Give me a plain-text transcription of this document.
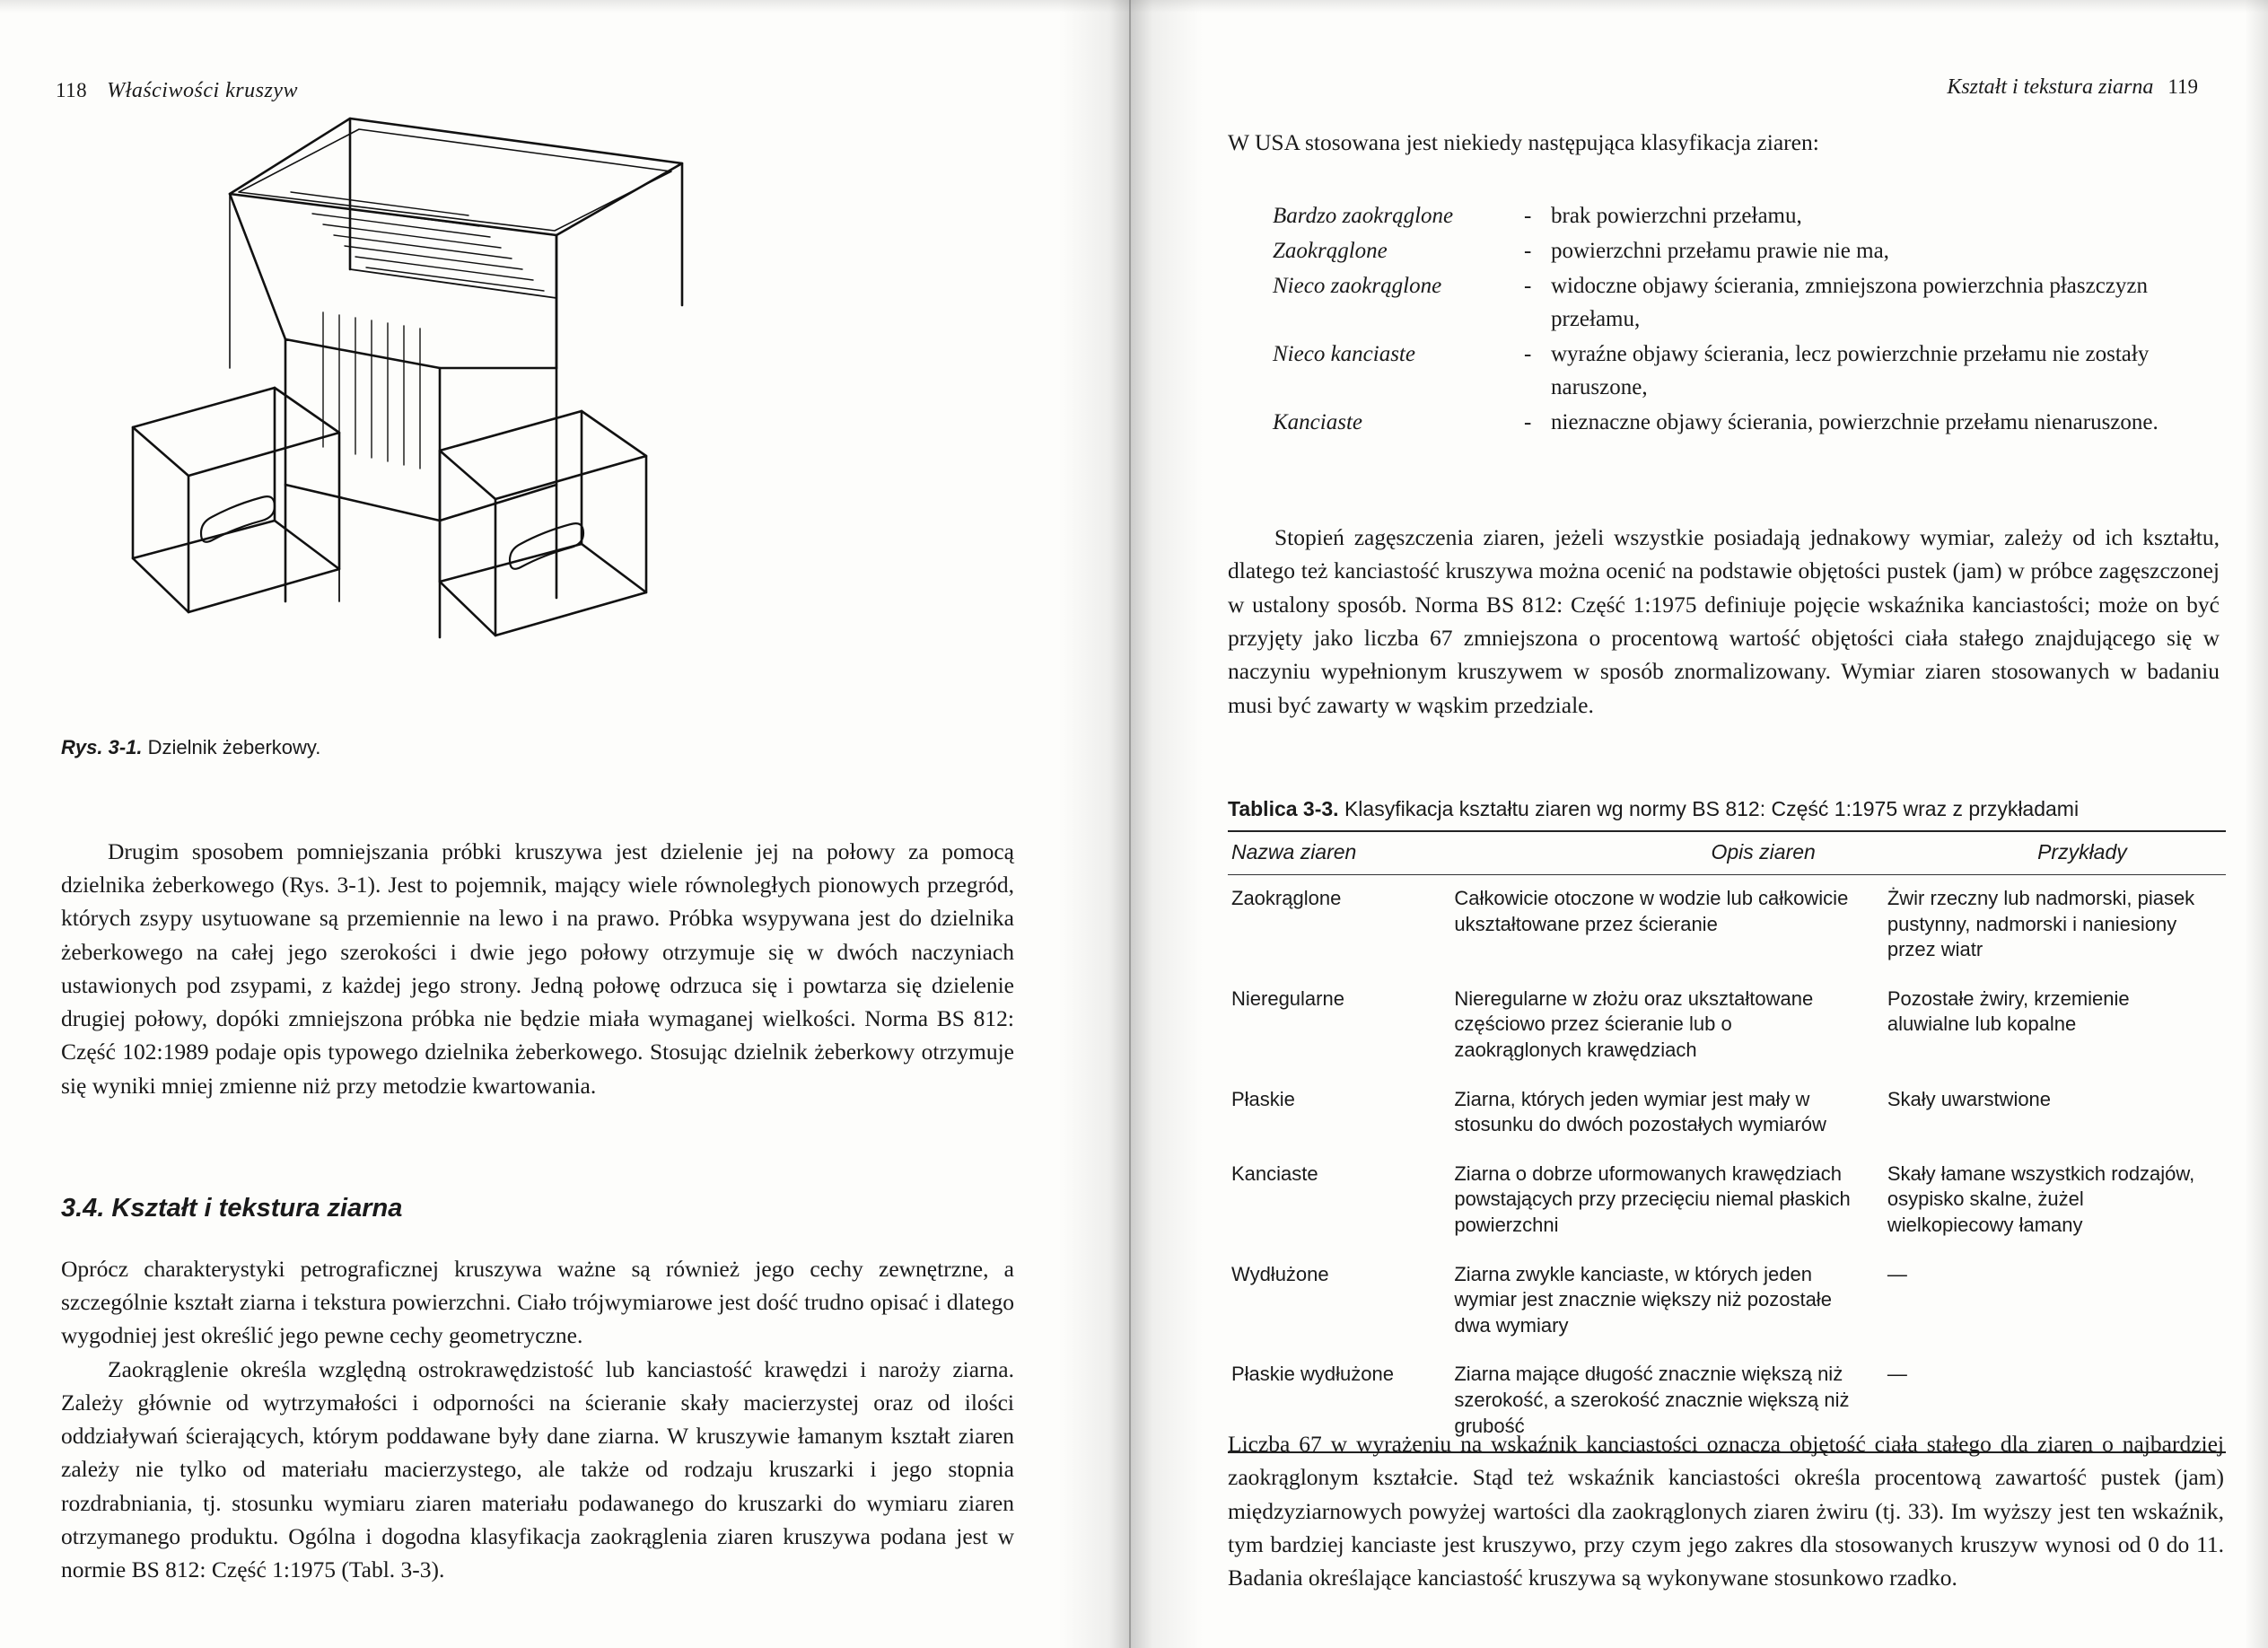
118 Właściwości kruszyw
Rys. 3-1. Dzielnik żeberkowy.

Drugim sposobem pomniejszania próbki kruszywa jest dzielenie jej na połowy za pomocą dzielnika żeberkowego (Rys. 3-1). Jest to pojemnik, mający wiele równoległych pionowych przegród, których zsypy usytuowane są przemiennie na lewo i na prawo. Próbka wsypywana jest do dzielnika żeberkowego na całej jego szerokości i dwie jego połowy otrzymuje się w dwóch naczyniach ustawionych pod zsypami, z każdej jego strony. Jedną połowę odrzuca się i powtarza się dzielenie drugiej połowy, dopóki zmniejszona próbka nie będzie miała wymaganej wielkości. Norma BS 812: Część 102:1989 podaje opis typowego dzielnika żeberkowego. Stosując dzielnik żeberkowy otrzymuje się wyniki mniej zmienne niż przy metodzie kwartowania.

3.4. Kształt i tekstura ziarna

Oprócz charakterystyki petrograficznej kruszywa ważne są również jego cechy zewnętrzne, a szczególnie kształt ziarna i tekstura powierzchni. Ciało trójwymiarowe jest dość trudno opisać i dlatego wygodniej jest określić jego pewne cechy geometryczne.

Zaokrąglenie określa względną ostrokrawędzistość lub kanciastość krawędzi i naroży ziarna. Zależy głównie od wytrzymałości i odporności na ścieranie skały macierzystej oraz od ilości oddziaływań ścierających, którym poddawane były dane ziarna. W kruszywie łamanym kształt ziaren zależy nie tylko od materiału macierzystego, ale także od rodzaju kruszarki i jego stopnia rozdrabniania, tj. stosunku wymiaru ziaren materiału podawanego do kruszarki do wymiaru ziaren otrzymanego produktu. Ogólna i dogodna klasyfikacja zaokrąglenia ziaren kruszywa podana jest w normie BS 812: Część 1:1975 (Tabl. 3-3).

Kształt i tekstura ziarna 119
W USA stosowana jest niekiedy następująca klasyfikacja ziaren:
Bardzo zaokrąglone	- brak powierzchni przełamu,
Zaokrąglone	- powierzchni przełamu prawie nie ma,
Nieco zaokrąglone	- widoczne objawy ścierania, zmniejszona powierzchnia płaszczyzn przełamu,
Nieco kanciaste	- wyraźne objawy ścierania, lecz powierzchnie przełamu nie zostały naruszone,
Kanciaste	- nieznaczne objawy ścierania, powierzchnie przełamu nienaruszone.

Stopień zagęszczenia ziaren, jeżeli wszystkie posiadają jednakowy wymiar, zależy od ich kształtu, dlatego też kanciastość kruszywa można ocenić na podstawie objętości pustek (jam) w próbce zagęszczonej w ustalony sposób. Norma BS 812: Część 1:1975 definiuje pojęcie wskaźnika kanciastości; może on być przyjęty jako liczba 67 zmniejszona o procentową wartość objętości ciała stałego znajdującego się w naczyniu wypełnionym kruszywem w sposób znormalizowany. Wymiar ziaren stosowanych w badaniu musi być zawarty w wąskim przedziale.

Tablica 3-3. Klasyfikacja kształtu ziaren wg normy BS 812: Część 1:1975 wraz z przykładami
Nazwa ziaren	Opis ziaren	Przykłady
Zaokrąglone	Całkowicie otoczone w wodzie lub całkowicie ukształtowane przez ścieranie	Żwir rzeczny lub nadmorski, piasek pustynny, nadmorski i naniesiony przez wiatr
Nieregularne	Nieregularne w złożu oraz ukształtowane częściowo przez ścieranie lub o zaokrąglonych krawędziach	Pozostałe żwiry, krzemienie aluwialne lub kopalne
Płaskie	Ziarna, których jeden wymiar jest mały w stosunku do dwóch pozostałych wymiarów	Skały uwarstwione
Kanciaste	Ziarna o dobrze uformowanych krawędziach powstających przy przecięciu niemal płaskich powierzchni	Skały łamane wszystkich rodzajów, osypisko skalne, żużel wielkopiecowy łamany
Wydłużone	Ziarna zwykle kanciaste, w których jeden wymiar jest znacznie większy niż pozostałe dwa wymiary	—
Płaskie wydłużone	Ziarna mające długość znacznie większą niż szerokość, a szerokość znacznie większą niż grubość	—

Liczba 67 w wyrażeniu na wskaźnik kanciastości oznacza objętość ciała stałego dla ziaren o najbardziej zaokrąglonym kształcie. Stąd też wskaźnik kanciastości określa procentową zawartość pustek (jam) międzyziarnowych powyżej wartości dla zaokrąglonych ziaren żwiru (tj. 33). Im wyższy jest ten wskaźnik, tym bardziej kanciaste jest kruszywo, przy czym jego zakres dla stosowanych kruszyw wynosi od 0 do 11. Badania określające kanciastość kruszywa są wykonywane stosunkowo rzadko.
